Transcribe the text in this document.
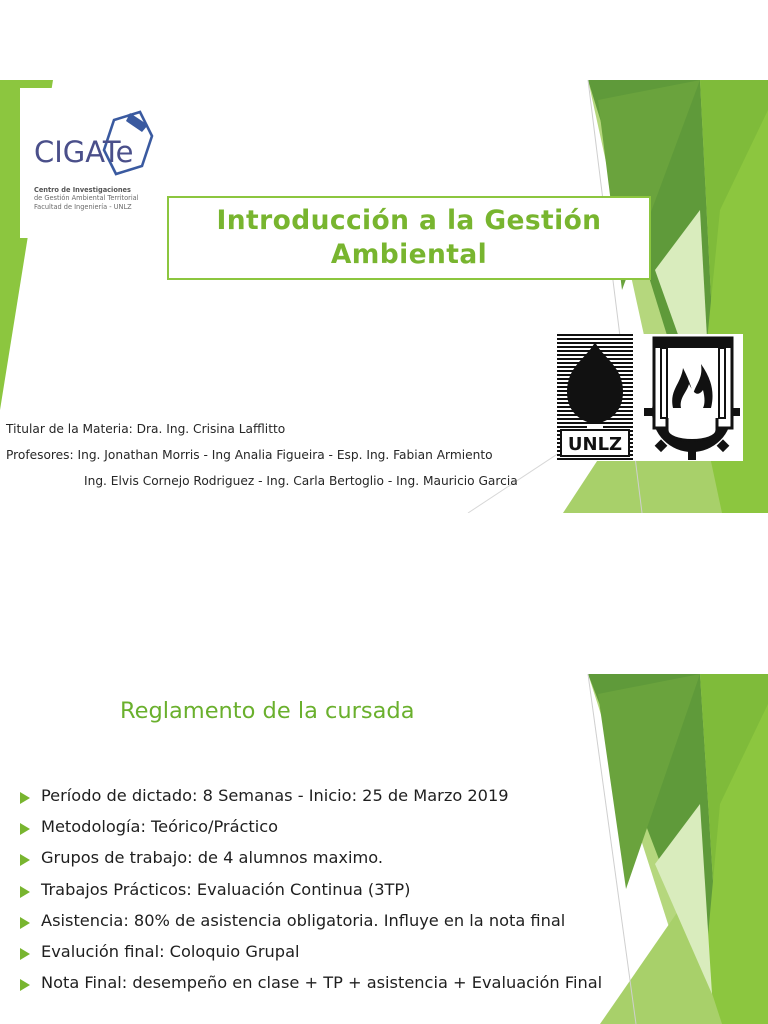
CIGATe
Centro de Investigaciones
de Gestión Ambiental Territorial
Facultad de Ingeniería - UNLZ	Introducción a la Gestión
Ambiental
UNLZ
Titular de la Materia: Dra. Ing. Crisina Lafflitto
Profesores: Ing. Jonathan Morris - Ing Analia Figueira - Esp. Ing. Fabian Armiento
Ing. Elvis Cornejo Rodriguez - Ing. Carla Bertoglio - Ing. Mauricio Garcia
Reglamento de la cursada
Período de dictado: 8 Semanas - Inicio: 25 de Marzo 2019
Metodología: Teórico/Práctico
Grupos de trabajo: de 4 alumnos maximo.
Trabajos Prácticos: Evaluación Continua (3TP)
Asistencia: 80% de asistencia obligatoria. Influye en la nota final
Evalución final: Coloquio Grupal
Nota Final: desempeño en clase + TP + asistencia + Evaluación Final
